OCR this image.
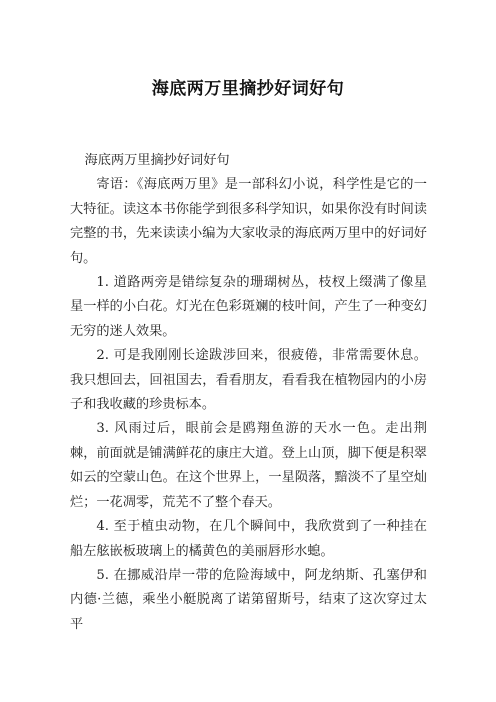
海底两万里摘抄好词好句

海底两万里摘抄好词好句

寄语：《海底两万里》是一部科幻小说，科学性是它的一大特征。读这本书你能学到很多科学知识，如果你没有时间读完整的书，先来读读小编为大家收录的海底两万里中的好词好句。

1. 道路两旁是错综复杂的珊瑚树丛，枝杈上缀满了像星星一样的小白花。灯光在色彩斑斓的枝叶间，产生了一种变幻无穷的迷人效果。

2. 可是我刚刚长途跋涉回来，很疲倦，非常需要休息。我只想回去，回祖国去，看看朋友，看看我在植物园内的小房子和我收藏的珍贵标本。

3. 风雨过后，眼前会是鸥翔鱼游的天水一色。走出荆棘，前面就是铺满鲜花的康庄大道。登上山顶，脚下便是积翠如云的空蒙山色。在这个世界上，一星陨落，黯淡不了星空灿烂；一花凋零，荒芜不了整个春天。

4. 至于植虫动物，在几个瞬间中，我欣赏到了一种挂在船左舷嵌板玻璃上的橘黄色的美丽唇形水螅。

5. 在挪威沿岸一带的危险海域中，阿龙纳斯、孔塞伊和内德·兰德，乘坐小艇脱离了诺第留斯号，结束了这次穿过太平
